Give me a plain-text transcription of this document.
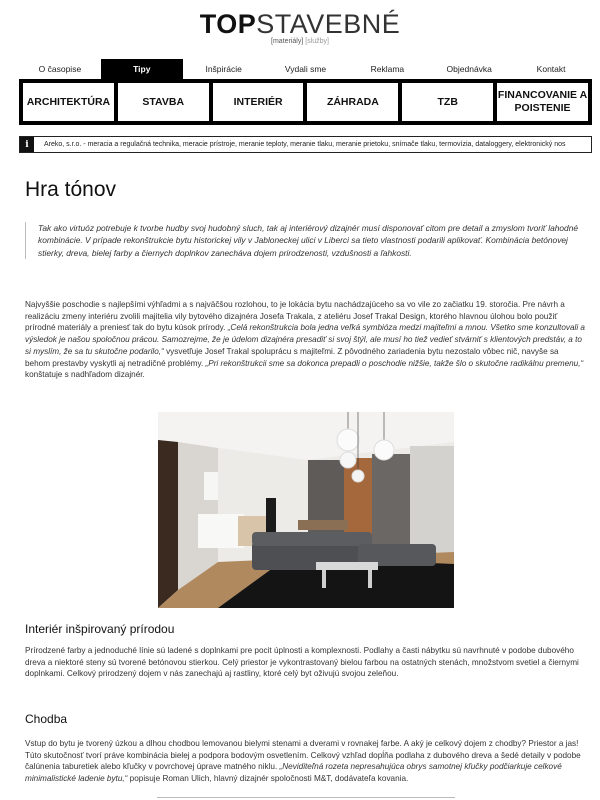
TOPSTAVEBNÉ
[materiály] [služby]
O časopise	Tipy	Inšpirácie	Vydali sme	Reklama	Objednávka	Kontakt
ARCHITEKTÚRA	STAVBA	INTERIÉR	ZÁHRADA	TZB
FINANCOVANIE A POISTENIE
i	Areko, s.r.o. - meracia a regulačná technika, meracie prístroje, meranie teploty, meranie tlaku, meranie prietoku, snímače tlaku, termovízia, dataloggery, elektronický nos
Hra tónov
Tak ako virtuóz potrebuje k tvorbe hudby svoj hudobný sluch, tak aj interiérový dizajnér musí disponovať citom pre detail a zmyslom tvoriť lahodné kombinácie. V prípade rekonštrukcie bytu historickej vily v Jabloneckej ulici v Liberci sa tieto vlastnosti podarili aplikovať. Kombinácia betónovej stierky, dreva, bielej farby a čiernych doplnkov zanecháva dojem prirodzenosti, vzdušnosti a ľahkosti.
Najvyššie poschodie s najlepšími výhľadmi a s najväčšou rozlohou, to je lokácia bytu nachádzajúceho sa vo vile zo začiatku 19. storočia. Pre návrh a realizáciu zmeny interiéru zvolili majitelia vily bytového dizajnéra Josefa Trakala, z ateliéru Josef Trakal Design, ktorého hlavnou úlohou bolo použiť prírodné materiály a preniesť tak do bytu kúsok prírody. „Celá rekonštrukcia bola jedna veľká symbióza medzi majiteľmi a mnou. Všetko sme konzultovali a výsledok je našou spoločnou prácou. Samozrejme, že je údelom dizajnéra presadiť si svoj štýl, ale musí ho tiež vedieť stvárniť s klientových predstáv, a to si myslím, že sa tu skutočne podarilo,“ vysvetľuje Josef Trakal spoluprácu s majiteľmi. Z pôvodného zariadenia bytu nezostalo vôbec nič, navyše sa behom prestavby vyskytli aj netradičné problémy. „Pri rekonštrukcii sme sa dokonca prepadli o poschodie nižšie, takže šlo o skutočne radikálnu premenu,“ konštatuje s nadhľadom dizajnér.
Interiér inšpirovaný prírodou
Prírodzené farby a jednoduché línie sú ladené s doplnkami pre pocit úplnosti a komplexnosti. Podlahy a časti nábytku sú navrhnuté v podobe dubového dreva a niektoré steny sú tvorené betónovou stierkou. Celý priestor je vykontrastovaný bielou farbou na ostatných stenách, množstvom svetiel a čiernymi doplnkami. Celkový prirodzený dojem v nás zanechajú aj rastliny, ktoré celý byt oživujú svojou zeleňou.
Chodba
Vstup do bytu je tvorený úzkou a dlhou chodbou lemovanou bielymi stenami a dverami v rovnakej farbe. A aký je celkový dojem z chodby? Priestor a jas! Túto skutočnosť tvorí práve kombinácia bielej a podpora bodovým osvetlením. Celkový vzhľad dopĺňa podlaha z dubového dreva a šedé detaily v podobe čalúnenia taburetiek alebo kľučky v povrchovej úprave matného niklu. „Neviditeľná rozeta nepresahujúca obrys samotnej kľučky podčiarkuje celkové minimalistické ladenie bytu,“ popisuje Roman Ulich, hlavný dizajnér spoločnosti M&T, dodávateľa kovania.
